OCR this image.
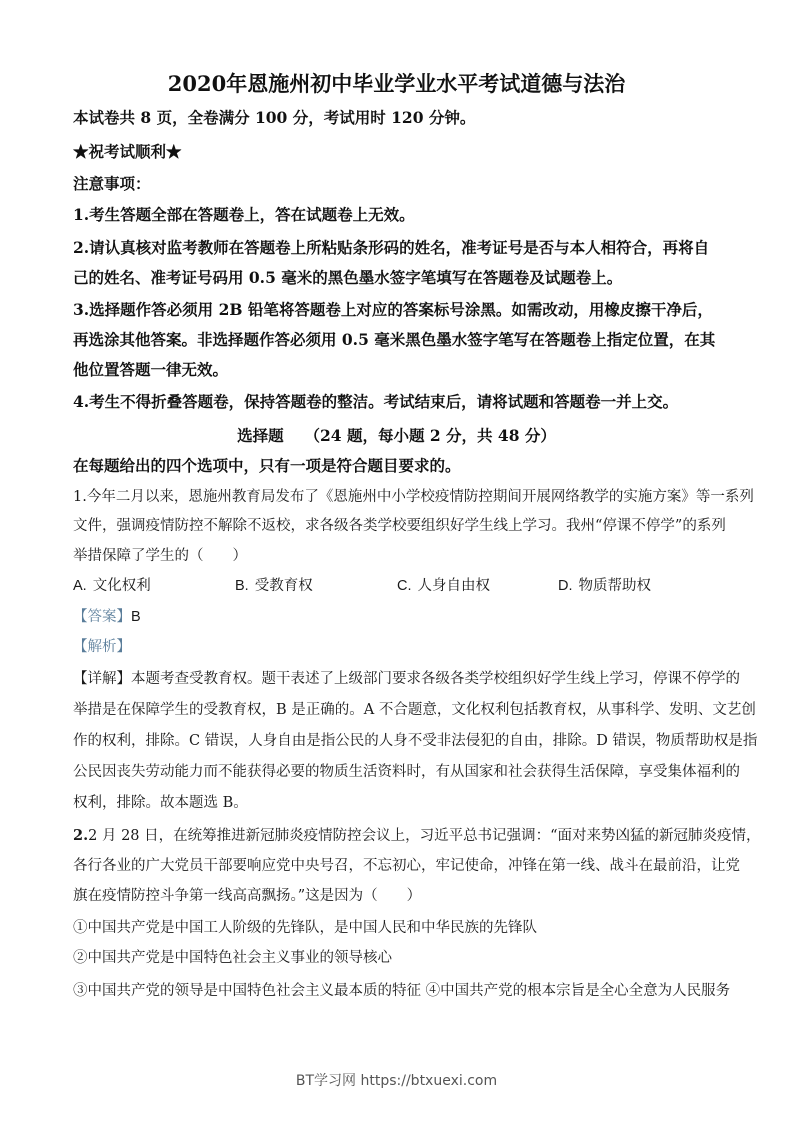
2020年恩施州初中毕业学业水平考试道德与法治
本试卷共 8 页，全卷满分 100 分，考试用时 120 分钟。
★祝考试顺利★
注意事项：
1.考生答题全部在答题卷上，答在试题卷上无效。
2.请认真核对监考教师在答题卷上所粘贴条形码的姓名，准考证号是否与本人相符合，再将自
己的姓名、准考证号码用 0.5 毫米的黑色墨水签字笔填写在答题卷及试题卷上。
3.选择题作答必须用 2B 铅笔将答题卷上对应的答案标号涂黑。如需改动，用橡皮擦干净后，
再选涂其他答案。非选择题作答必须用 0.5 毫米黑色墨水签字笔写在答题卷上指定位置，在其
他位置答题一律无效。
4.考生不得折叠答题卷，保持答题卷的整洁。考试结束后，请将试题和答题卷一并上交。
选择题　 （24 题，每小题 2 分，共 48 分）
在每题给出的四个选项中，只有一项是符合题目要求的。
1.今年二月以来，恩施州教育局发布了《恩施州中小学校疫情防控期间开展网络教学的实施方案》等一系列
文件，强调疫情防控不解除不返校，求各级各类学校要组织好学生线上学习。我州“停课不停学”的系列
举措保障了学生的（　　）
A. 文化权利	B. 受教育权	C. 人身自由权	D. 物质帮助权
【答案】B
【解析】
【详解】本题考查受教育权。题干表述了上级部门要求各级各类学校组织好学生线上学习，停课不停学的
举措是在保障学生的受教育权，B 是正确的。A 不合题意，文化权利包括教育权，从事科学、发明、文艺创
作的权利，排除。C 错误，人身自由是指公民的人身不受非法侵犯的自由，排除。D 错误，物质帮助权是指
公民因丧失劳动能力而不能获得必要的物质生活资料时，有从国家和社会获得生活保障，享受集体福利的
权利，排除。故本题选 B。
2.2 月 28 日，在统筹推进新冠肺炎疫情防控会议上，习近平总书记强调：“面对来势凶猛的新冠肺炎疫情，
各行各业的广大党员干部要响应党中央号召，不忘初心，牢记使命，冲锋在第一线、战斗在最前沿，让党
旗在疫情防控斗争第一线高高飘扬。”这是因为（　　）
①中国共产党是中国工人阶级的先锋队，是中国人民和中华民族的先锋队
②中国共产党是中国特色社会主义事业的领导核心
③中国共产党的领导是中国特色社会主义最本质的特征 ④中国共产党的根本宗旨是全心全意为人民服务
BT学习网 https://btxuexi.com
